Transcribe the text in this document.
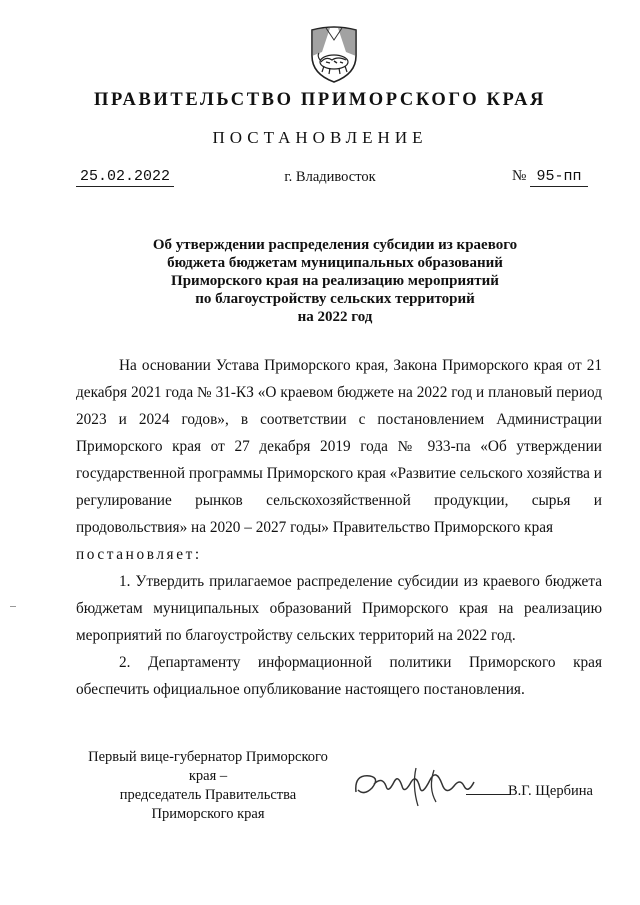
ПРАВИТЕЛЬСТВО ПРИМОРСКОГО КРАЯ
ПОСТАНОВЛЕНИЕ
25.02.2022	г. Владивосток	№ 95-пп
Об утверждении распределения субсидии из краевого
бюджета бюджетам муниципальных образований
Приморского края на реализацию мероприятий
по благоустройству сельских территорий
на 2022 год

На основании Устава Приморского края, Закона Приморского края от 21 декабря 2021 года № 31-КЗ «О краевом бюджете на 2022 год и плановый период 2023 и 2024 годов», в соответствии с постановлением Администрации Приморского края от 27 декабря 2019 года № 933-па «Об утверждении государственной программы Приморского края «Развитие сельского хозяйства и регулирование рынков сельскохозяйственной продукции, сырья и продовольствия» на 2020 – 2027 годы» Правительство Приморского края

постановляет:

1. Утвердить прилагаемое распределение субсидии из краевого бюджета бюджетам муниципальных образований Приморского края на реализацию мероприятий по благоустройству сельских территорий на 2022 год.

2. Департаменту информационной политики Приморского края обеспечить официальное опубликование настоящего постановления.

Первый вице-губернатор Приморского края –
председатель Правительства
Приморского края
В.Г. Щербина
